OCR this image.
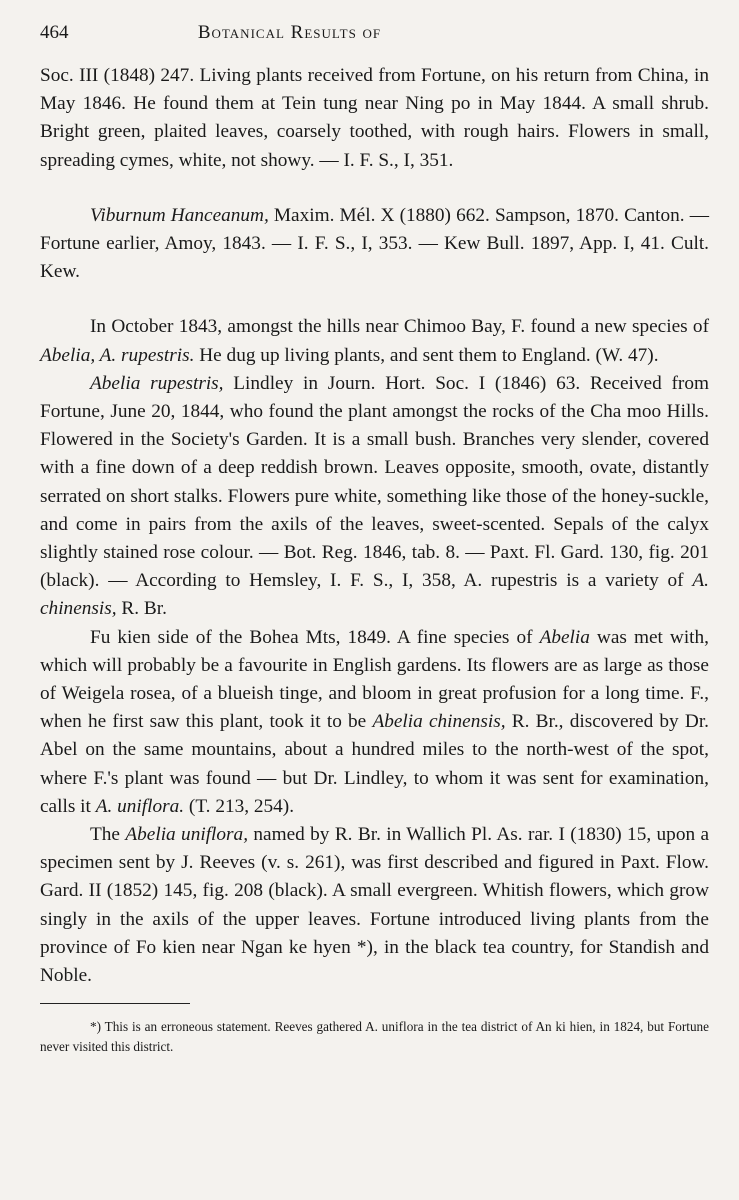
464	Botanical Results of

Soc. III (1848) 247. Living plants received from Fortune, on his return from China, in May 1846. He found them at Tein tung near Ning po in May 1844. A small shrub. Bright green, plaited leaves, coarsely toothed, with rough hairs. Flowers in small, spreading cymes, white, not showy. — I. F. S., I, 351.

Viburnum Hanceanum, Maxim. Mél. X (1880) 662. Sampson, 1870. Canton. — Fortune earlier, Amoy, 1843. — I. F. S., I, 353. — Kew Bull. 1897, App. I, 41. Cult. Kew.

In October 1843, amongst the hills near Chimoo Bay, F. found a new species of Abelia, A. rupestris. He dug up living plants, and sent them to England. (W. 47).

Abelia rupestris, Lindley in Journ. Hort. Soc. I (1846) 63. Received from Fortune, June 20, 1844, who found the plant amongst the rocks of the Cha moo Hills. Flowered in the Society's Garden. It is a small bush. Branches very slender, covered with a fine down of a deep reddish brown. Leaves opposite, smooth, ovate, distantly serrated on short stalks. Flowers pure white, something like those of the honey-suckle, and come in pairs from the axils of the leaves, sweet-scented. Sepals of the calyx slightly stained rose colour. — Bot. Reg. 1846, tab. 8. — Paxt. Fl. Gard. 130, fig. 201 (black). — According to Hemsley, I. F. S., I, 358, A. rupestris is a variety of A. chinensis, R. Br.

Fu kien side of the Bohea Mts, 1849. A fine species of Abelia was met with, which will probably be a favourite in English gardens. Its flowers are as large as those of Weigela rosea, of a blueish tinge, and bloom in great profusion for a long time. F., when he first saw this plant, took it to be Abelia chinensis, R. Br., discovered by Dr. Abel on the same mountains, about a hundred miles to the north-west of the spot, where F.'s plant was found — but Dr. Lindley, to whom it was sent for examination, calls it A. uniflora. (T. 213, 254).

The Abelia uniflora, named by R. Br. in Wallich Pl. As. rar. I (1830) 15, upon a specimen sent by J. Reeves (v. s. 261), was first described and figured in Paxt. Flow. Gard. II (1852) 145, fig. 208 (black). A small evergreen. Whitish flowers, which grow singly in the axils of the upper leaves. Fortune introduced living plants from the province of Fo kien near Ngan ke hyen *), in the black tea country, for Standish and Noble.

*) This is an erroneous statement. Reeves gathered A. uniflora in the tea district of An ki hien, in 1824, but Fortune never visited this district.
